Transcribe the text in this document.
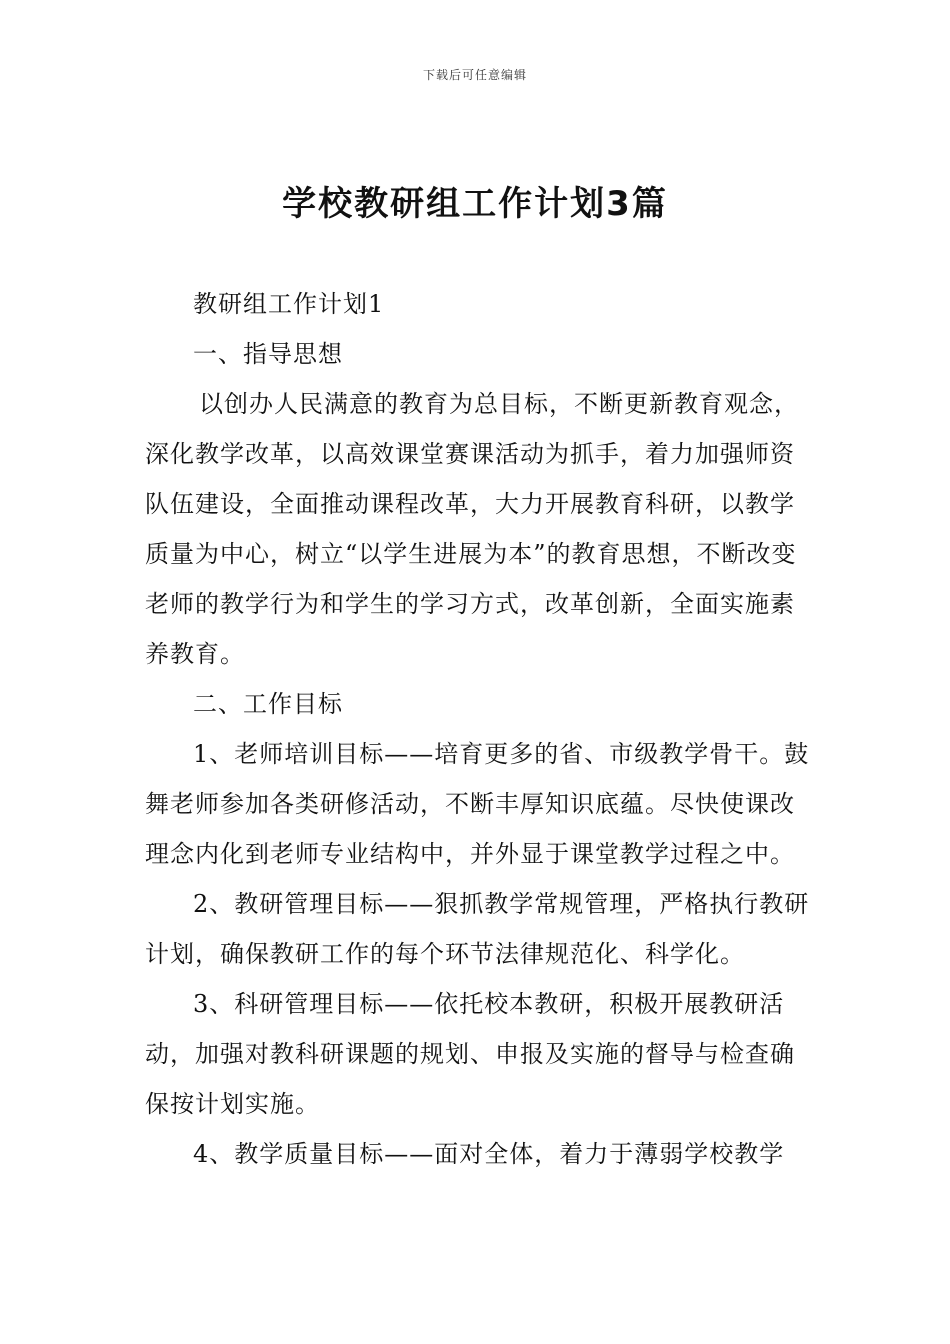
下载后可任意编辑
学校教研组工作计划3篇

教研组工作计划1

一、指导思想

以创办人民满意的教育为总目标，不断更新教育观念，深化教学改革，以高效课堂赛课活动为抓手，着力加强师资队伍建设，全面推动课程改革，大力开展教育科研，以教学质量为中心，树立“以学生进展为本”的教育思想，不断改变老师的教学行为和学生的学习方式，改革创新，全面实施素养教育。

二、工作目标

1、老师培训目标——培育更多的省、市级教学骨干。鼓舞老师参加各类研修活动，不断丰厚知识底蕴。尽快使课改理念内化到老师专业结构中，并外显于课堂教学过程之中。

2、教研管理目标——狠抓教学常规管理，严格执行教研计划，确保教研工作的每个环节法律规范化、科学化。

3、科研管理目标——依托校本教研，积极开展教研活动，加强对教科研课题的规划、申报及实施的督导与检查确保按计划实施。

4、教学质量目标——面对全体，着力于薄弱学校教学
